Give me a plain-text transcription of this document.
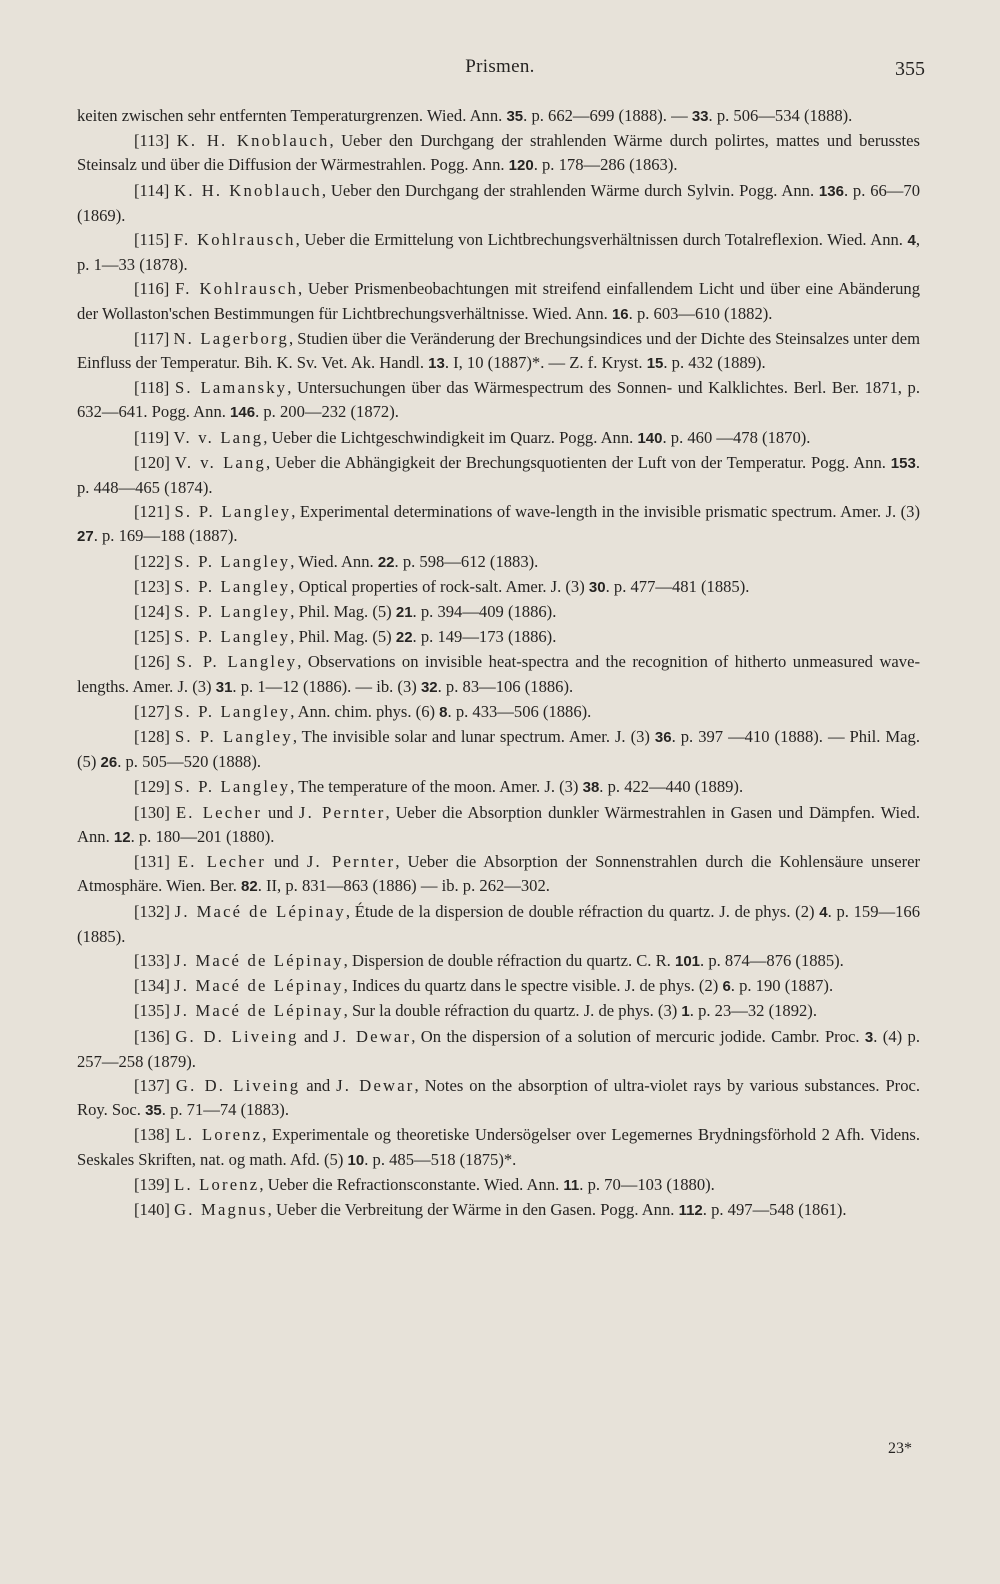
Prismen.	355

keiten zwischen sehr entfernten Temperaturgrenzen. Wied. Ann. 35. p. 662—699 (1888). — 33. p. 506—534 (1888).

[113] K. H. Knoblauch, Ueber den Durchgang der strahlenden Wärme durch polirtes, mattes und berusstes Steinsalz und über die Diffusion der Wärmestrahlen. Pogg. Ann. 120. p. 178—286 (1863).

[114] K. H. Knoblauch, Ueber den Durchgang der strahlenden Wärme durch Sylvin. Pogg. Ann. 136. p. 66—70 (1869).

[115] F. Kohlrausch, Ueber die Ermittelung von Lichtbrechungsverhältnissen durch Totalreflexion. Wied. Ann. 4, p. 1—33 (1878).

[116] F. Kohlrausch, Ueber Prismenbeobachtungen mit streifend einfallendem Licht und über eine Abänderung der Wollaston'schen Bestimmungen für Lichtbrechungsverhältnisse. Wied. Ann. 16. p. 603—610 (1882).

[117] N. Lagerborg, Studien über die Veränderung der Brechungsindices und der Dichte des Steinsalzes unter dem Einfluss der Temperatur. Bih. K. Sv. Vet. Ak. Handl. 13. I, 10 (1887)*. — Z. f. Kryst. 15. p. 432 (1889).

[118] S. Lamansky, Untersuchungen über das Wärmespectrum des Sonnen- und Kalklichtes. Berl. Ber. 1871, p. 632—641. Pogg. Ann. 146. p. 200—232 (1872).

[119] V. v. Lang, Ueber die Lichtgeschwindigkeit im Quarz. Pogg. Ann. 140. p. 460 —478 (1870).

[120] V. v. Lang, Ueber die Abhängigkeit der Brechungsquotienten der Luft von der Temperatur. Pogg. Ann. 153. p. 448—465 (1874).

[121] S. P. Langley, Experimental determinations of wave-length in the invisible prismatic spectrum. Amer. J. (3) 27. p. 169—188 (1887).

[122] S. P. Langley, Wied. Ann. 22. p. 598—612 (1883).

[123] S. P. Langley, Optical properties of rock-salt. Amer. J. (3) 30. p. 477—481 (1885).

[124] S. P. Langley, Phil. Mag. (5) 21. p. 394—409 (1886).

[125] S. P. Langley, Phil. Mag. (5) 22. p. 149—173 (1886).

[126] S. P. Langley, Observations on invisible heat-spectra and the recognition of hitherto unmeasured wave-lengths. Amer. J. (3) 31. p. 1—12 (1886). — ib. (3) 32. p. 83—106 (1886).

[127] S. P. Langley, Ann. chim. phys. (6) 8. p. 433—506 (1886).

[128] S. P. Langley, The invisible solar and lunar spectrum. Amer. J. (3) 36. p. 397 —410 (1888). — Phil. Mag. (5) 26. p. 505—520 (1888).

[129] S. P. Langley, The temperature of the moon. Amer. J. (3) 38. p. 422—440 (1889).

[130] E. Lecher und J. Pernter, Ueber die Absorption dunkler Wärmestrahlen in Gasen und Dämpfen. Wied. Ann. 12. p. 180—201 (1880).

[131] E. Lecher und J. Pernter, Ueber die Absorption der Sonnenstrahlen durch die Kohlensäure unserer Atmosphäre. Wien. Ber. 82. II, p. 831—863 (1886) — ib. p. 262—302.

[132] J. Macé de Lépinay, Étude de la dispersion de double réfraction du quartz. J. de phys. (2) 4. p. 159—166 (1885).

[133] J. Macé de Lépinay, Dispersion de double réfraction du quartz. C. R. 101. p. 874—876 (1885).

[134] J. Macé de Lépinay, Indices du quartz dans le spectre visible. J. de phys. (2) 6. p. 190 (1887).

[135] J. Macé de Lépinay, Sur la double réfraction du quartz. J. de phys. (3) 1. p. 23—32 (1892).

[136] G. D. Liveing and J. Dewar, On the dispersion of a solution of mercuric jodide. Cambr. Proc. 3. (4) p. 257—258 (1879).

[137] G. D. Liveing and J. Dewar, Notes on the absorption of ultra-violet rays by various substances. Proc. Roy. Soc. 35. p. 71—74 (1883).

[138] L. Lorenz, Experimentale og theoretiske Undersögelser over Legemernes Brydningsförhold 2 Afh. Videns. Seskales Skriften, nat. og math. Afd. (5) 10. p. 485—518 (1875)*.

[139] L. Lorenz, Ueber die Refractionsconstante. Wied. Ann. 11. p. 70—103 (1880).

[140] G. Magnus, Ueber die Verbreitung der Wärme in den Gasen. Pogg. Ann. 112. p. 497—548 (1861).

23*
